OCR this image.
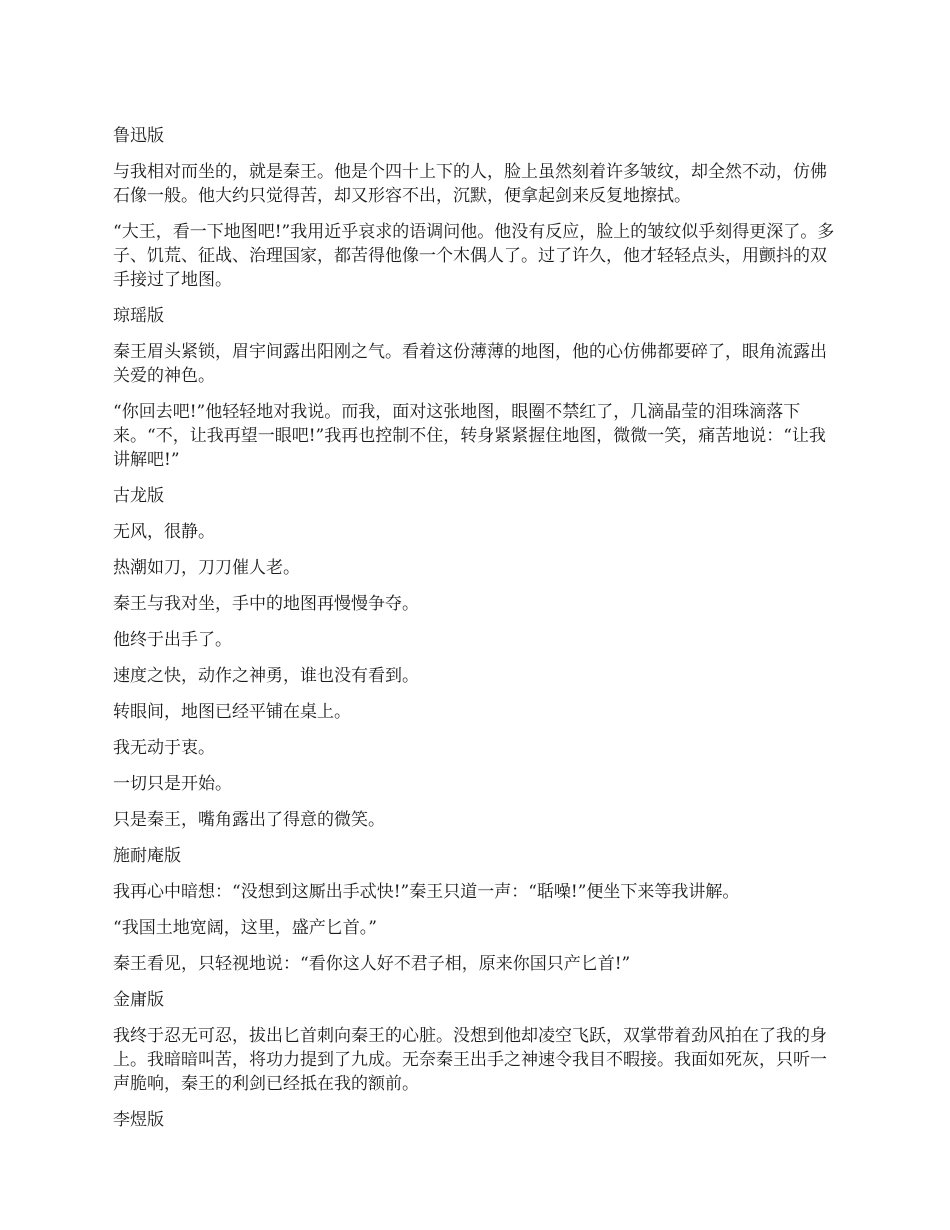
鲁迅版

与我相对而坐的，就是秦王。他是个四十上下的人，脸上虽然刻着许多皱纹，却全然不动，仿佛石像一般。他大约只觉得苦，却又形容不出，沉默，便拿起剑来反复地擦拭。

“大王，看一下地图吧!”我用近乎哀求的语调问他。他没有反应，脸上的皱纹似乎刻得更深了。多子、饥荒、征战、治理国家，都苦得他像一个木偶人了。过了许久，他才轻轻点头，用颤抖的双手接过了地图。

琼瑶版

秦王眉头紧锁，眉宇间露出阳刚之气。看着这份薄薄的地图，他的心仿佛都要碎了，眼角流露出关爱的神色。

“你回去吧!”他轻轻地对我说。而我，面对这张地图，眼圈不禁红了，几滴晶莹的泪珠滴落下来。“不，让我再望一眼吧!”我再也控制不住，转身紧紧握住地图，微微一笑，痛苦地说：“让我讲解吧!”

古龙版

无风，很静。

热潮如刀，刀刀催人老。

秦王与我对坐，手中的地图再慢慢争夺。

他终于出手了。

速度之快，动作之神勇，谁也没有看到。

转眼间，地图已经平铺在桌上。

我无动于衷。

一切只是开始。

只是秦王，嘴角露出了得意的微笑。

施耐庵版

我再心中暗想：“没想到这厮出手忒快!”秦王只道一声：“聒噪!”便坐下来等我讲解。

“我国土地宽阔，这里，盛产匕首。”

秦王看见，只轻视地说：“看你这人好不君子相，原来你国只产匕首!”

金庸版

我终于忍无可忍，拔出匕首刺向秦王的心脏。没想到他却凌空飞跃，双掌带着劲风拍在了我的身上。我暗暗叫苦，将功力提到了九成。无奈秦王出手之神速令我目不暇接。我面如死灰，只听一声脆响，秦王的利剑已经抵在我的额前。

李煜版
